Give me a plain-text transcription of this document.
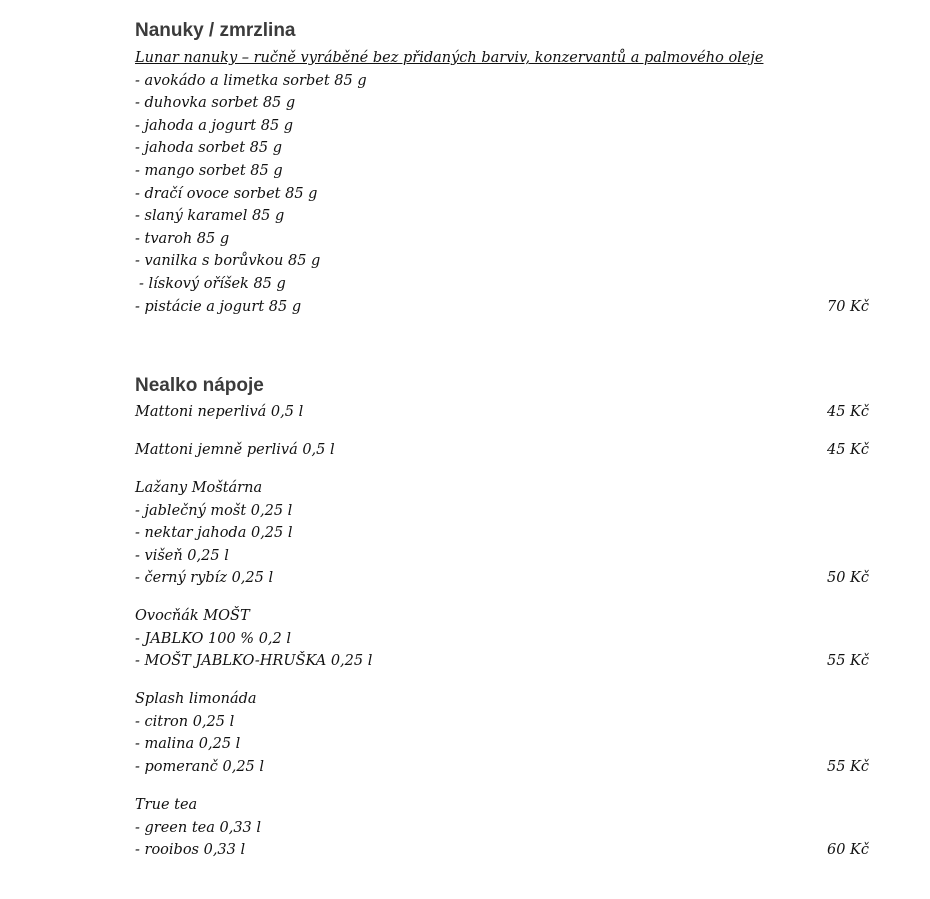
Nanuky / zmrzlina
Lunar nanuky – ručně vyráběné bez přidaných barviv, konzervantů a palmového oleje
- avokádo a limetka sorbet 85 g
- duhovka sorbet 85 g
- jahoda a jogurt 85 g
- jahoda sorbet 85 g
- mango sorbet 85 g
- dračí ovoce sorbet 85 g
- slaný karamel 85 g
- tvaroh 85 g
- vanilka s borůvkou 85 g
- lískový oříšek 85 g
- pistácie a jogurt 85 g	70 Kč
Nealko nápoje
Mattoni neperlivá 0,5 l	45 Kč
Mattoni jemně perlivá 0,5 l	45 Kč
Lažany Moštárna
- jablečný mošt 0,25 l
- nektar jahoda 0,25 l
- višeň 0,25 l
- černý rybíz 0,25 l	50 Kč
Ovocňák MOŠT
- JABLKO 100 % 0,2 l
- MOŠT JABLKO-HRUŠKA 0,25 l	55 Kč
Splash limonáda
- citron 0,25 l
- malina 0,25 l
- pomeranč 0,25 l	55 Kč
True tea
- green tea 0,33 l
- rooibos 0,33 l	60 Kč
